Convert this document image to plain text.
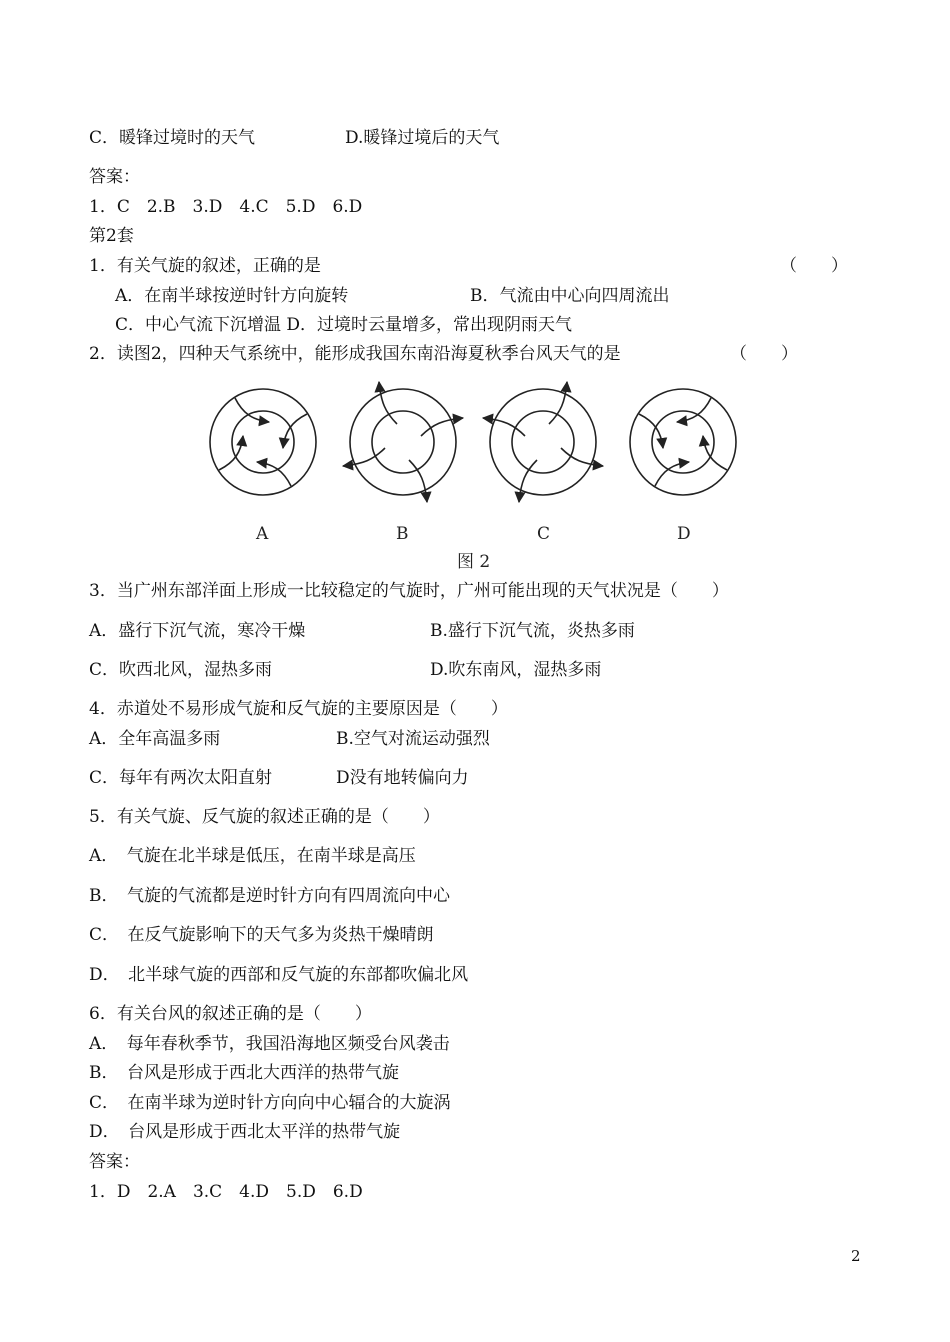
C．暖锋过境时的天气	D.暖锋过境后的天气
答案：
1．C　2.B　3.D　4.C　5.D　6.D
第2套
1．有关气旋的叙述，正确的是	（　　）
A．在南半球按逆时针方向旋转	B．气流由中心向四周流出
C．中心气流下沉增温 D．过境时云量增多，常出现阴雨天气
2．读图2，四种天气系统中，能形成我国东南沿海夏秋季台风天气的是	（　　）
A	B	C	D
图 2
3．当广州东部洋面上形成一比较稳定的气旋时，广州可能出现的天气状况是（　　）
A．盛行下沉气流，寒冷干燥	B.盛行下沉气流，炎热多雨
C．吹西北风，湿热多雨	D.吹东南风，湿热多雨
4．赤道处不易形成气旋和反气旋的主要原因是（　　）
A．全年高温多雨	B.空气对流运动强烈
C．每年有两次太阳直射	D没有地转偏向力
5．有关气旋、反气旋的叙述正确的是（　　）
A．　气旋在北半球是低压，在南半球是高压
B．　气旋的气流都是逆时针方向有四周流向中心
C．　在反气旋影响下的天气多为炎热干燥晴朗
D．　北半球气旋的西部和反气旋的东部都吹偏北风
6．有关台风的叙述正确的是（　　）
A．　每年春秋季节，我国沿海地区频受台风袭击
B．　台风是形成于西北大西洋的热带气旋
C．　在南半球为逆时针方向向中心辐合的大旋涡
D．　台风是形成于西北太平洋的热带气旋
答案：
1．D　2.A　3.C　4.D　5.D　6.D
2
